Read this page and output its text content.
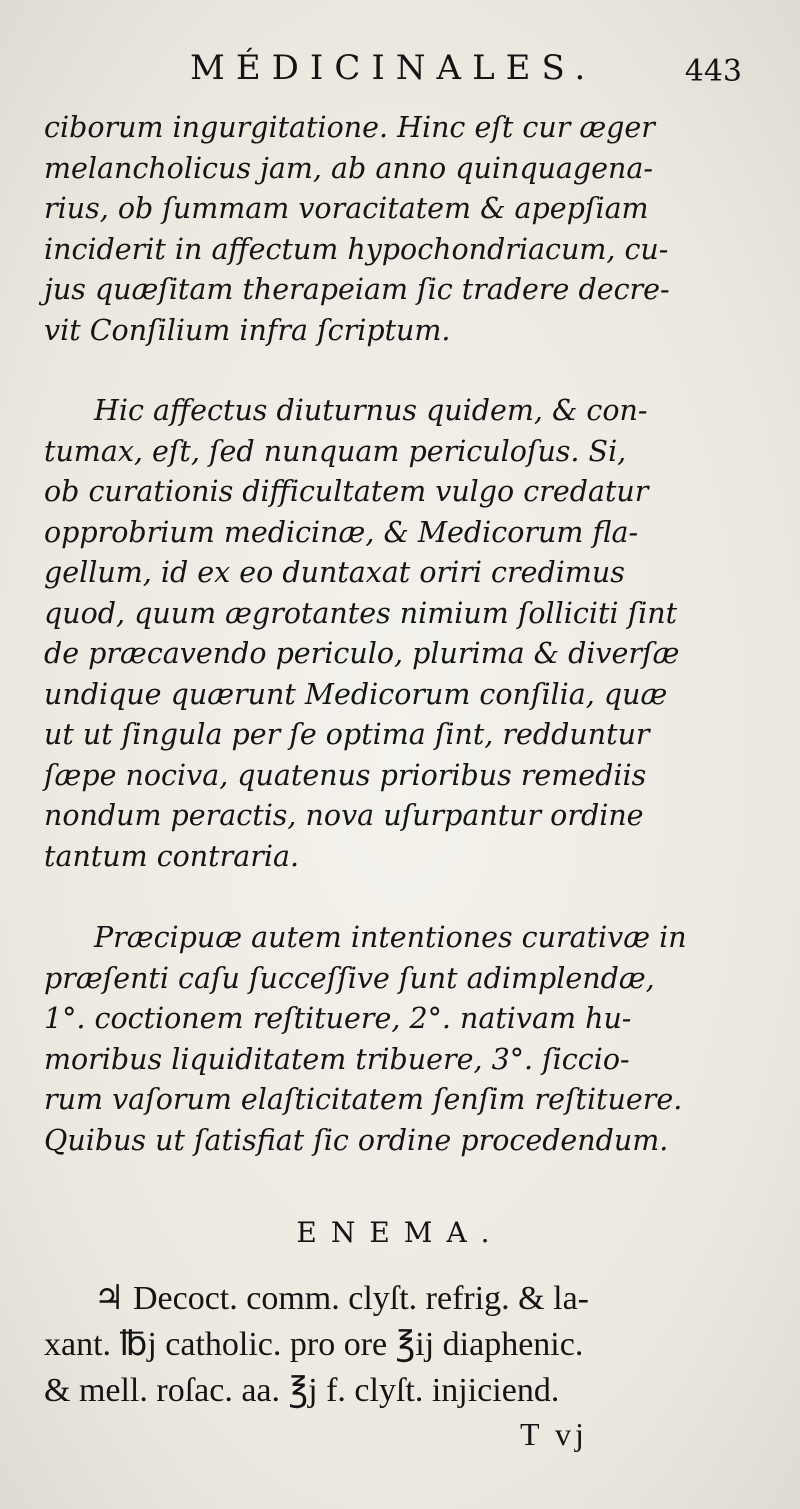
MÉDICINALES.	443
ciborum ingurgitatione. Hinc eſt cur æger
melancholicus jam, ab anno quinquagena-
rius, ob ſummam voracitatem & apepſiam
inciderit in affectum hypochondriacum, cu-
jus quæſitam therapeiam ſic tradere decre-
vit Conſilium infra ſcriptum.
Hic affectus diuturnus quidem, & con-
tumax, eſt, ſed nunquam periculoſus. Si,
ob curationis difficultatem vulgo credatur
opprobrium medicinæ, & Medicorum fla-
gellum, id ex eo duntaxat oriri credimus
quod, quum ægrotantes nimium ſolliciti ſint
de præcavendo periculo, plurima & diverſæ
undique quærunt Medicorum conſilia, quæ
ut ut ſingula per ſe optima ſint, redduntur
ſæpe nociva, quatenus prioribus remediis
nondum peractis, nova uſurpantur ordine
tantum contraria.
Præcipuæ autem intentiones curativæ in
præſenti caſu ſucceſſive ſunt adimplendæ,
1°. coctionem reſtituere, 2°. nativam hu-
moribus liquiditatem tribuere, 3°. ſiccio-
rum vaſorum elaſticitatem ſenſim reſtituere.
Quibus ut ſatisfiat ſic ordine procedendum.
ENEMA.
♃ Decoct. comm. clyſt. refrig. & la-
xant. ℔j catholic. pro ore ℥ij diaphenic.
& mell. roſac. aa. ℥j f. clyſt. injiciend.
T vj
